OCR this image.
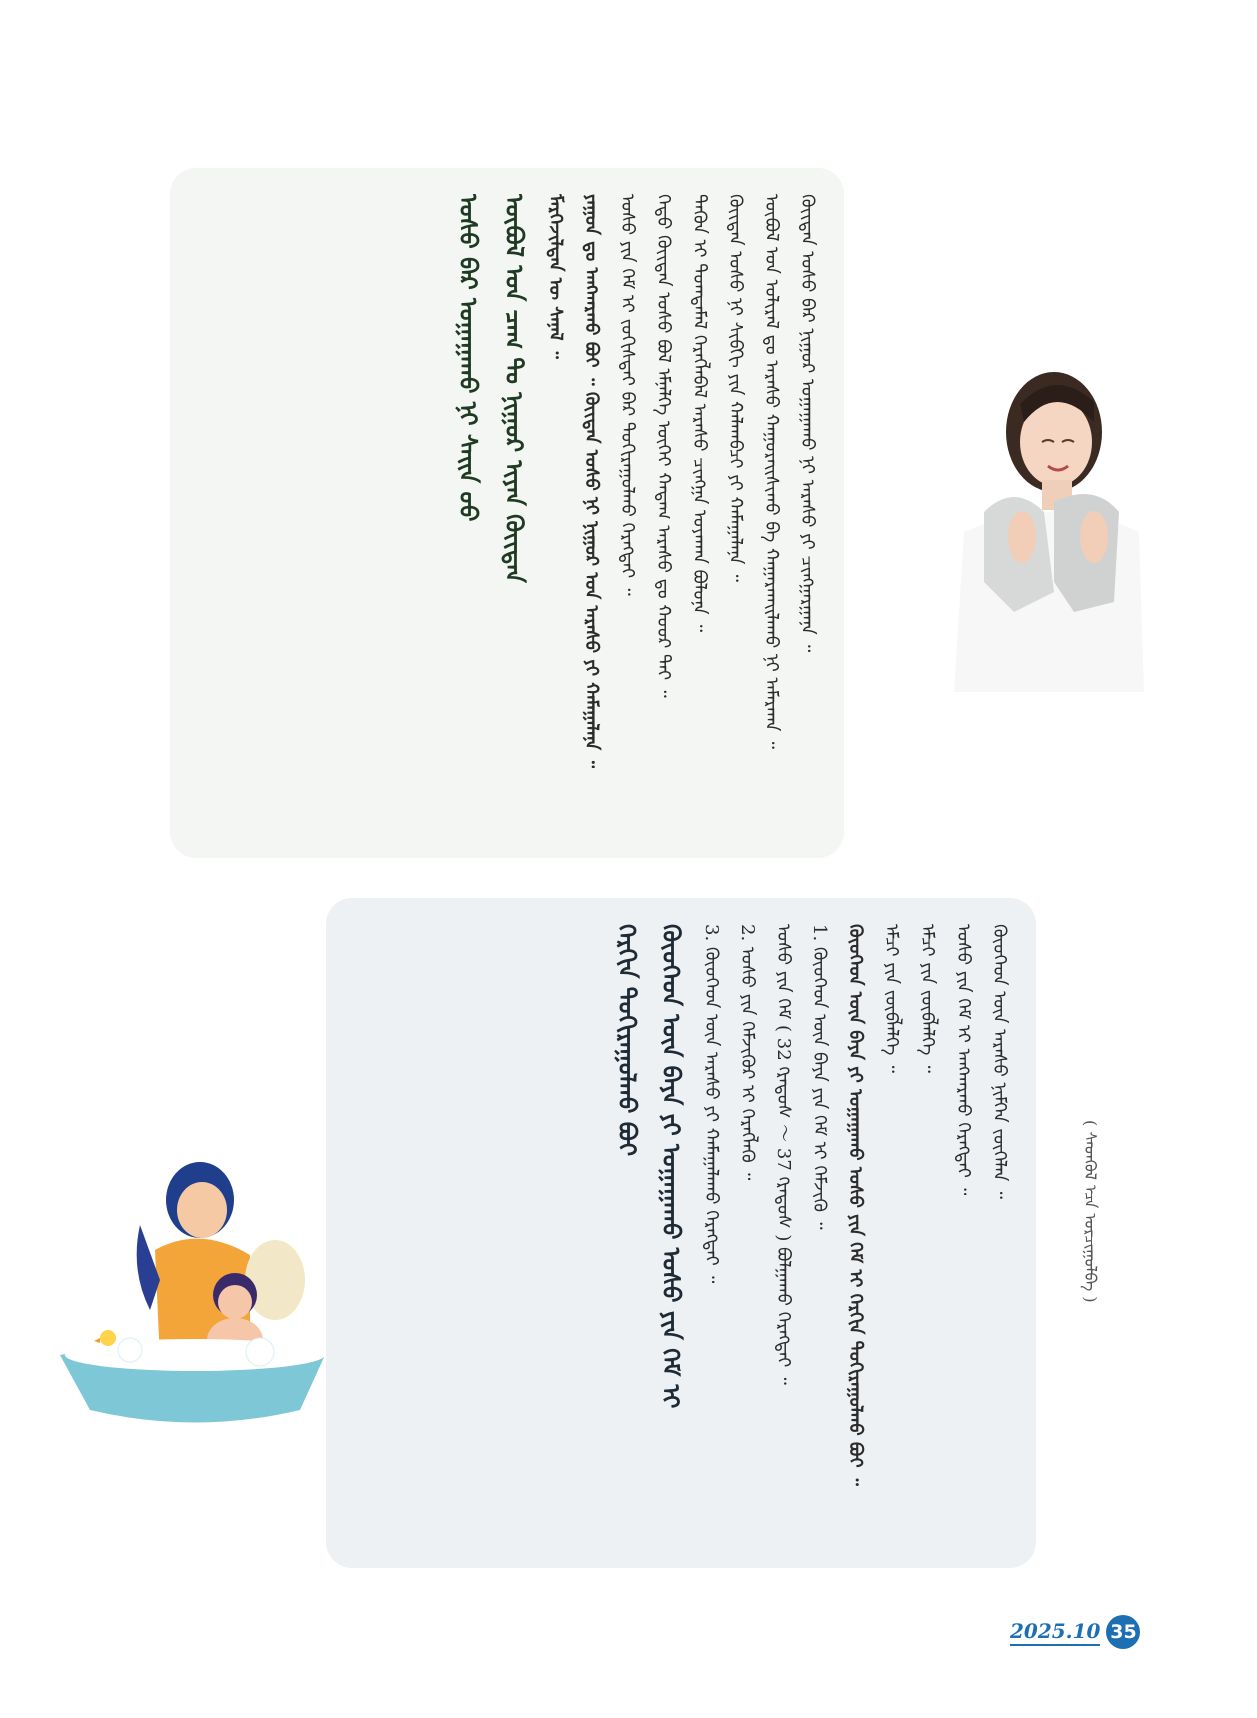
ᠬᠦᠢᠲᠡᠨ ᠤᠰᠤ ᠪᠠᠷ ᠨᠢᠭᠤᠷ ᠤᠭᠠᠭᠠᠬᠤ ᠨᠢ ᠠᠷᠠᠰᠤ ᠶᠢ ᠴᠢᠩᠭᠠᠷᠭᠠᠨᠠ ᠃
ᠥᠪᠦᠯ ᠤᠨ ᠤᠯᠢᠷᠠᠯ ᠳᠤ ᠠᠷᠠᠰᠤ ᠬᠠᠭᠤᠷᠠᠢᠰᠢᠬᠤ ᠪᠠ ᠬᠠᠭᠠᠷᠬᠠᠢᠯᠠᠬᠤ ᠨᠢ ᠠᠮᠠᠷᠬᠠᠨ ᠃
ᠬᠦᠢᠲᠡᠨ ᠤᠰᠤ ᠨᠢ ᠰᠢᠪᠬᠢ ᠶᠢᠨ ᠬᠠᠯᠬᠠᠪᠴᠢ ᠶᠢ ᠬᠠᠮᠠᠭᠠᠯᠠᠨᠠ ᠃
ᠲᠡᠭᠦᠨ ᠢ ᠲᠤᠭᠲᠠᠮᠠᠯ ᠬᠡᠷᠡᠭᠯᠡᠪᠡᠯ ᠠᠷᠠᠰᠤ ᠴᠢᠩᠭᠠ ᠤᠶᠠᠬᠠᠨ ᠪᠣᠯᠣᠨᠠ ᠃
ᠬᠡᠲᠦ ᠬᠦᠢᠲᠡᠨ ᠤᠰᠤ ᠪᠤᠯ ᠡᠮᠨᠡᠯᠭᠡ ᠦᠭᠡᠢ ᠬᠠᠳᠠᠭ ᠠᠷᠠᠰᠤ ᠳᠤ ᠬᠣᠣᠷ ᠲᠠᠢ ᠃
ᠤᠰᠤ ᠶᠢᠨ ᠬᠡᠮ ᠢ ᠵᠣᠬᠢᠰᠲᠠᠢ ᠪᠡᠷ ᠲᠣᠬᠢᠷᠠᠭᠤᠯᠬᠤ ᠬᠡᠷᠡᠭᠲᠡᠢ ᠃
ᠶᠠᠭᠤᠨ ᠳᠤ ᠠᠩᠬᠠᠷᠬᠤ ᠪᠤᠢ ᠃ ᠬᠦᠢᠲᠡᠨ ᠤᠰᠤ ᠨᠢ ᠨᠢᠭᠤᠷ ᠤᠨ ᠠᠷᠠᠰᠤ ᠶᠢ ᠬᠠᠮᠠᠭᠠᠯᠠᠨᠠ ᠃
ᠮᠡᠷᠭᠡᠵᠢᠯᠲᠡᠨ ᠦ ᠰᠠᠨᠠᠯ ᠃
ᠥᠪᠦᠯ ᠤᠨ ᠴᠠᠭ ᠲᠤ ᠨᠢᠭᠤᠷ ᠢᠶᠡᠨ ᠬᠦᠢᠲᠡᠨ
ᠤᠰᠤ ᠪᠠᠷ ᠤᠭᠠᠭᠠᠬᠤ ᠨᠢ ᠰᠠᠢᠨ ᠦᠦ
ᠬᠦᠦᠬᠡᠳ ᠦᠨ ᠠᠷᠠᠰᠤ ᠨᠢᠮᠭᠡᠨ ᠵᠦᠭᠡᠯᠡᠨ ᠃
ᠤᠰᠤ ᠶᠢᠨ ᠬᠡᠮ ᠢ ᠠᠩᠬᠠᠷᠬᠤ ᠬᠡᠷᠡᠭᠲᠡᠢ ᠃
ᠡᠮᠴᠢ ᠶᠢᠨ ᠵᠥᠪᠯᠡᠯᠭᠡ ᠃
ᠡᠮᠴᠢ ᠶᠢᠨ ᠵᠥᠪᠯᠡᠯᠭᠡ ᠃
ᠬᠦᠦᠬᠡᠳ ᠦᠨ ᠪᠡᠶᠡ ᠶᠢ ᠤᠭᠠᠭᠠᠬᠤ ᠤᠰᠤ ᠶᠢᠨ ᠬᠡᠮ ᠢ ᠬᠡᠷᠬᠢᠨ ᠲᠣᠬᠢᠷᠠᠭᠤᠯᠬᠤ ᠪᠤᠢ ᠃
1. ᠬᠦᠦᠬᠡᠳ ᠦᠨ ᠪᠡᠶᠡ ᠶᠢᠨ ᠬᠡᠮ ᠢ ᠬᠡᠮᠵᠢᠬᠦ ᠃
ᠤᠰᠤ ᠶᠢᠨ ᠬᠡᠮ ( 32 ᠭᠷᠠᠳᠤᠰ ～ 37 ᠭᠷᠠᠳᠤᠰ ) ᠪᠣᠯᠭᠠᠬᠤ ᠬᠡᠷᠡᠭᠲᠡᠢ ᠃
2. ᠤᠰᠤ ᠶᠢᠨ ᠬᠡᠮᠵᠢᠭᠦᠷ ᠢ ᠬᠡᠷᠡᠭᠯᠡᠬᠦ ᠃
3. ᠬᠦᠦᠬᠡᠳ ᠦᠨ ᠠᠷᠠᠰᠤ ᠶᠢ ᠬᠠᠮᠠᠭᠠᠯᠠᠬᠤ ᠬᠡᠷᠡᠭᠲᠡᠢ ᠃
ᠬᠦᠦᠬᠡᠳ ᠦᠨ ᠪᠡᠶᠡ ᠶᠢ ᠤᠭᠠᠭᠠᠬᠤ ᠤᠰᠤ ᠶᠢᠨ ᠬᠡᠮ ᠢ
ᠬᠡᠷᠬᠢᠨ ᠲᠣᠬᠢᠷᠠᠭᠤᠯᠬᠤ ᠪᠤᠢ
( ᠰᠡᠳᠬᠦᠯ ᠡᠴᠡ ᠣᠷᠴᠢᠭᠤᠯᠪᠠ )
2025.10 35
